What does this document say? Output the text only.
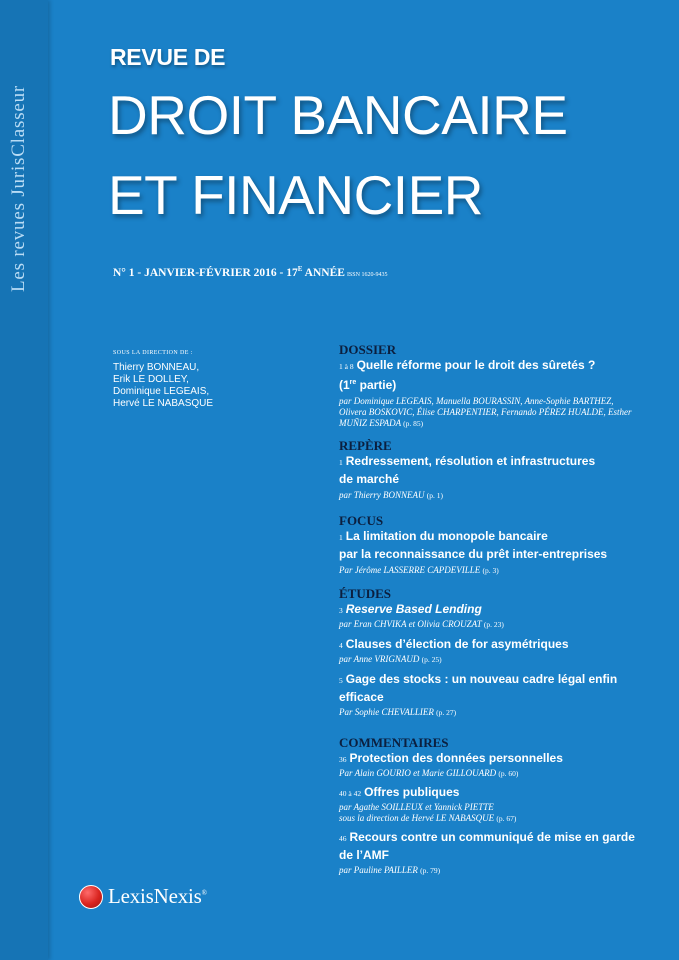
Les revues JurisClasseur
REVUE DE
DROIT BANCAIRE
ET FINANCIER
N° 1 - JANVIER-FÉVRIER $2016 - 17^E$ ANNÉE ISSN 1620-9435
SOUS LA DIRECTION DE :
Thierry BONNEAU,
Erik LE DOLLEY,
Dominique LEGEAIS,
Hervé LE NABASQUE
DOSSIER
1 à 8 Quelle réforme pour le droit des sûretés ?
(1re partie)
par Dominique LEGEAIS, Manuella BOURASSIN, Anne-Sophie BARTHEZ, Olivera BOSKOVIC, Élise CHARPENTIER, Fernando PÉREZ HUALDE, Esther MUÑIZ ESPADA (p. 85)
REPÈRE
1 Redressement, résolution et infrastructures
de marché
par Thierry BONNEAU (p. 1)
FOCUS
1 La limitation du monopole bancaire
par la reconnaissance du prêt inter-entreprises
Par Jérôme LASSERRE CAPDEVILLE (p. 3)
ÉTUDES
3 Reserve Based Lending
par Eran CHVIKA et Olivia CROUZAT (p. 23)
4 Clauses d’élection de for asymétriques
par Anne VRIGNAUD (p. 25)
5 Gage des stocks : un nouveau cadre légal enfin
efficace
Par Sophie CHEVALLIER (p. 27)
COMMENTAIRES
36 Protection des données personnelles
Par Alain GOURIO et Marie GILLOUARD (p. 60)
40 à 42 Offres publiques
par Agathe SOILLEUX et Yannick PIETTE
sous la direction de Hervé LE NABASQUE (p. 67)
46 Recours contre un communiqué de mise en garde
de l’AMF
par Pauline PAILLER (p. 79)
LexisNexis®
